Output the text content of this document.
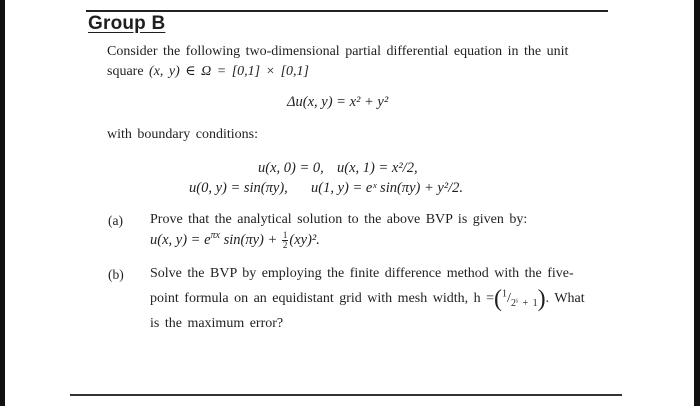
Group B
Consider the following two-dimensional partial differential equation in the unit
square (x, y) ∈ Ω = [0,1] × [0,1]
Δu(x, y) = x² + y²
with boundary conditions:
u(x, 0) = 0, u(x, 1) = x²/2,
u(0, y) = sin(πy), u(1, y) = eˣ sin(πy) + y²/2.
(a) Prove that the analytical solution to the above BVP is given by:
u(x, $y) = e^{\pi x}$ $\sin(\pi y) + \frac{1}{2} (xy)^2$.
(b) Solve the BVP by employing the finite difference method with the five-
point formula on an equidistant grid with mesh width, $h =(^1/_{2^i + 1})$. What
is the maximum error?
